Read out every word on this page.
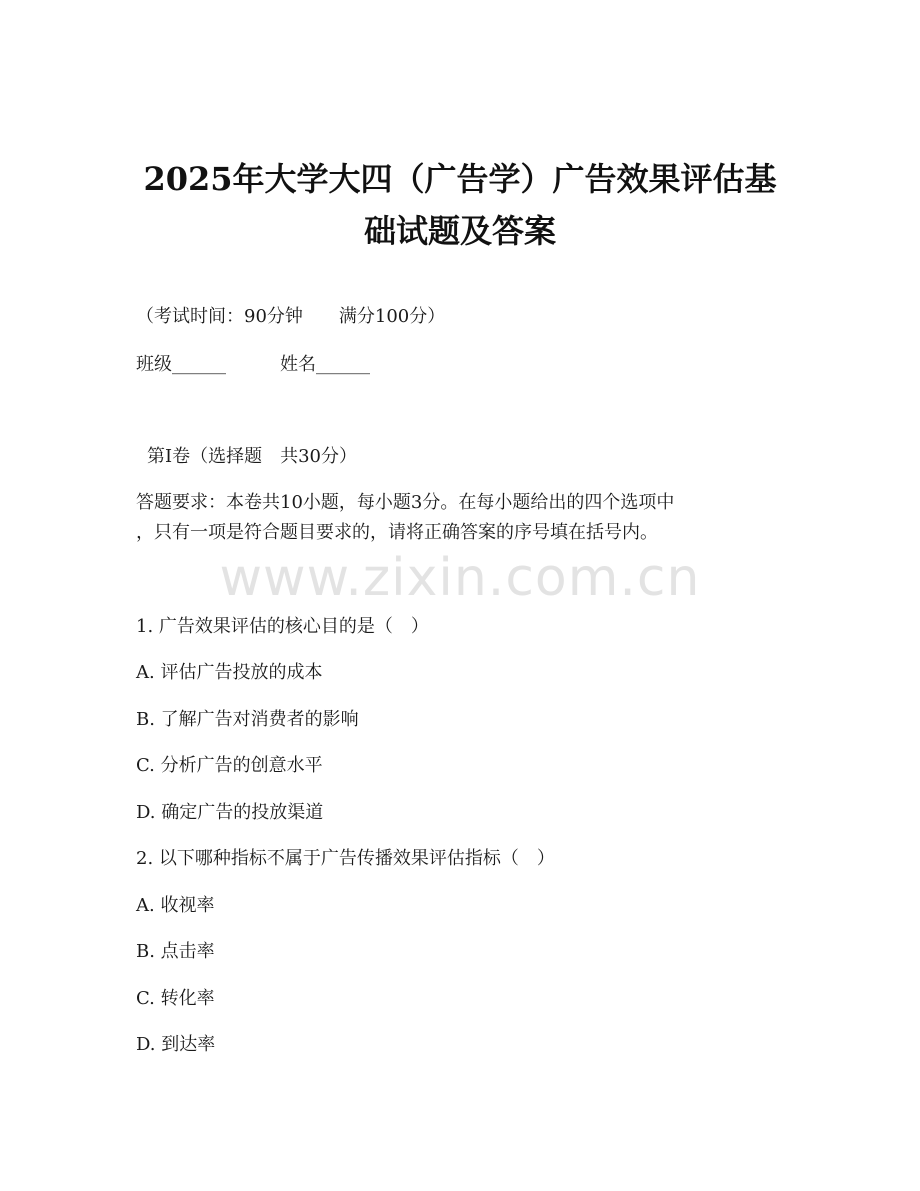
2025年大学大四（广告学）广告效果评估基
础试题及答案
（考试时间：90分钟　　满分100分）
班级______　　　姓名______
第Ⅰ卷（选择题　共30分）
答题要求：本卷共10小题，每小题3分。在每小题给出的四个选项中
，只有一项是符合题目要求的，请将正确答案的序号填在括号内。
www.zixin.com.cn
1. 广告效果评估的核心目的是（　）
A. 评估广告投放的成本
B. 了解广告对消费者的影响
C. 分析广告的创意水平
D. 确定广告的投放渠道
2. 以下哪种指标不属于广告传播效果评估指标（　）
A. 收视率
B. 点击率
C. 转化率
D. 到达率
